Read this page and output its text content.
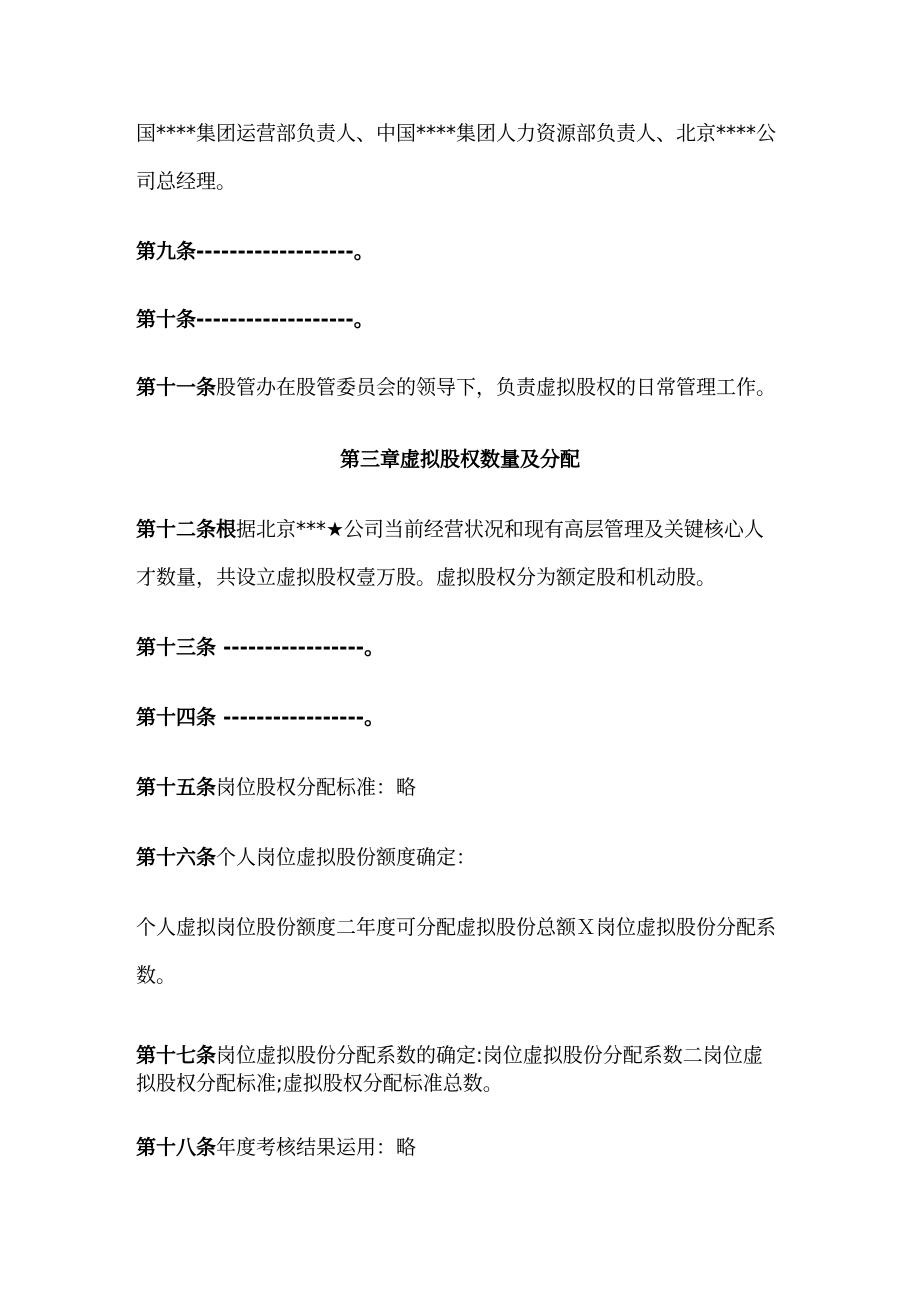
国****集团运营部负责人、中国****集团人力资源部负责人、北京****公
司总经理。
第九条-------------------。
第十条-------------------。
第十一条股管办在股管委员会的领导下，负责虚拟股权的日常管理工作。
第三章虚拟股权数量及分配
第十二条根据北京***★公司当前经营状况和现有高层管理及关键核心人
才数量，共设立虚拟股权壹万股。虚拟股权分为额定股和机动股。
第十三条 -----------------。
第十四条 -----------------。
第十五条岗位股权分配标准：略
第十六条个人岗位虚拟股份额度确定：
个人虚拟岗位股份额度二年度可分配虚拟股份总额Ｘ岗位虚拟股份分配系
数。
第十七条岗位虚拟股份分配系数的确定:岗位虚拟股份分配系数二岗位虚
拟股权分配标准;虚拟股权分配标准总数。
第十八条年度考核结果运用：略
